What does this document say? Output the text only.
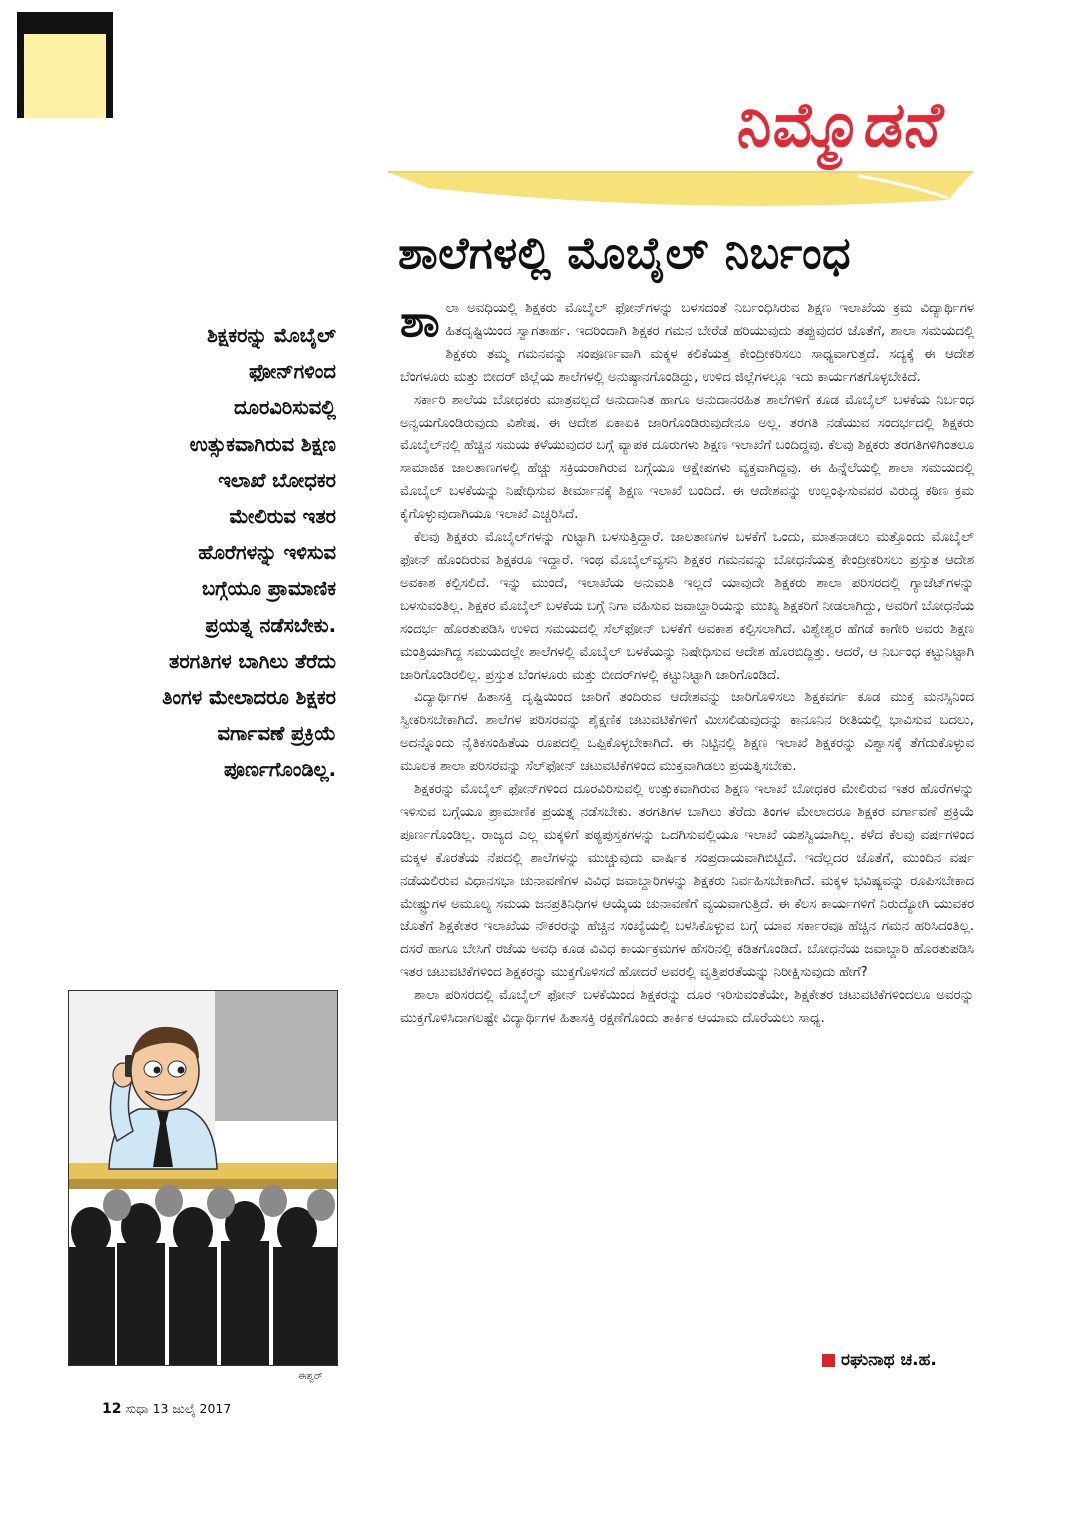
ನಿಮ್ಮೊಡನೆ
ಶಾಲೆಗಳಲ್ಲಿ ಮೊಬೈಲ್ ನಿರ್ಬಂಧ
ಶಿಕ್ಷಕರನ್ನು ಮೊಬೈಲ್
ಫೋನ್‌ಗಳಿಂದ
ದೂರವಿರಿಸುವಲ್ಲಿ
ಉತ್ಸುಕವಾಗಿರುವ ಶಿಕ್ಷಣ
ಇಲಾಖೆ ಬೋಧಕರ
ಮೇಲಿರುವ ಇತರ
ಹೊರೆಗಳನ್ನು ಇಳಿಸುವ
ಬಗ್ಗೆಯೂ ಪ್ರಾಮಾಣಿಕ
ಪ್ರಯತ್ನ ನಡೆಸಬೇಕು.
ತರಗತಿಗಳ ಬಾಗಿಲು ತೆರೆದು
ತಿಂಗಳ ಮೇಲಾದರೂ ಶಿಕ್ಷಕರ
ವರ್ಗಾವಣೆ ಪ್ರಕ್ರಿಯೆ
ಪೂರ್ಣಗೊಂಡಿಲ್ಲ.

ಶಾಲಾ ಅವಧಿಯಲ್ಲಿ ಶಿಕ್ಷಕರು ಮೊಬೈಲ್ ಫೋನ್‌ಗಳನ್ನು ಬಳಸದಂತೆ ನಿರ್ಬಂಧಿಸಿರುವ ಶಿಕ್ಷಣ ಇಲಾಖೆಯ ಕ್ರಮ ವಿದ್ಯಾರ್ಥಿಗಳ ಹಿತದೃಷ್ಟಿಯಿಂದ ಸ್ವಾಗತಾರ್ಹ. ಇದರಿಂದಾಗಿ ಶಿಕ್ಷಕರ ಗಮನ ಬೇರೆಡೆ ಹರಿಯುವುದು ತಪ್ಪುವುದರ ಜೊತೆಗೆ, ಶಾಲಾ ಸಮಯದಲ್ಲಿ ಶಿಕ್ಷಕರು ತಮ್ಮ ಗಮನವನ್ನು ಸಂಪೂರ್ಣವಾಗಿ ಮಕ್ಕಳ ಕಲಿಕೆಯತ್ತ ಕೇಂದ್ರೀಕರಿಸಲು ಸಾಧ್ಯವಾಗುತ್ತದೆ. ಸದ್ಯಕ್ಕೆ ಈ ಆದೇಶ ಬೆಂಗಳೂರು ಮತ್ತು ಬೀದರ್ ಜಿಲ್ಲೆಯ ಶಾಲೆಗಳಲ್ಲಿ ಅನುಷ್ಠಾನಗೊಂಡಿದ್ದು, ಉಳಿದ ಜಿಲ್ಲೆಗಳಲ್ಲೂ ಇದು ಕಾರ್ಯಗತಗೊಳ್ಳಬೇಕಿದೆ.

ಸರ್ಕಾರಿ ಶಾಲೆಯ ಬೋಧಕರು ಮಾತ್ರವಲ್ಲದೆ ಅನುದಾನಿತ ಹಾಗೂ ಅನುದಾನರಹಿತ ಶಾಲೆಗಳಿಗೆ ಕೂಡ ಮೊಬೈಲ್ ಬಳಕೆಯ ನಿರ್ಬಂಧ ಅನ್ವಯಗೊಂಡಿರುವುದು ವಿಶೇಷ. ಈ ಆದೇಶ ಏಕಾಏಕಿ ಜಾರಿಗೊಂಡಿರುವುದೇನೂ ಅಲ್ಲ. ತರಗತಿ ನಡೆಯುವ ಸಂದರ್ಭದಲ್ಲಿ ಶಿಕ್ಷಕರು ಮೊಬೈಲ್‌ನಲ್ಲಿ ಹೆಚ್ಚಿನ ಸಮಯ ಕಳೆಯುವುದರ ಬಗ್ಗೆ ವ್ಯಾಪಕ ದೂರುಗಳು ಶಿಕ್ಷಣ ಇಲಾಖೆಗೆ ಬಂದಿದ್ದವು. ಕೆಲವು ಶಿಕ್ಷಕರು ತರಗತಿಗಳಿಗಿಂತಲೂ ಸಾಮಾಜಿಕ ಜಾಲತಾಣಗಳಲ್ಲಿ ಹೆಚ್ಚು ಸಕ್ರಿಯರಾಗಿರುವ ಬಗ್ಗೆಯೂ ಆಕ್ಷೇಪಗಳು ವ್ಯಕ್ತವಾಗಿದ್ದವು. ಈ ಹಿನ್ನೆಲೆಯಲ್ಲಿ ಶಾಲಾ ಸಮಯದಲ್ಲಿ ಮೊಬೈಲ್ ಬಳಕೆಯನ್ನು ನಿಷೇಧಿಸುವ ತೀರ್ಮಾನಕ್ಕೆ ಶಿಕ್ಷಣ ಇಲಾಖೆ ಬಂದಿದೆ. ಈ ಆದೇಶವನ್ನು ಉಲ್ಲಂಘಿಸುವವರ ವಿರುದ್ಧ ಕಠಿಣ ಕ್ರಮ ಕೈಗೊಳ್ಳುವುದಾಗಿಯೂ ಇಲಾಖೆ ಎಚ್ಚರಿಸಿದೆ.

ಕೆಲವು ಶಿಕ್ಷಕರು ಮೊಬೈಲ್‌ಗಳನ್ನು ಗುಟ್ಟಾಗಿ ಬಳಸುತ್ತಿದ್ದಾರೆ. ಜಾಲತಾಣಗಳ ಬಳಕೆಗೆ ಒಂದು, ಮಾತನಾಡಲು ಮತ್ತೊಂದು ಮೊಬೈಲ್ ಫೋನ್ ಹೊಂದಿರುವ ಶಿಕ್ಷಕರೂ ಇದ್ದಾರೆ. ಇಂಥ ಮೊಬೈಲ್‌ವ್ಯಸನಿ ಶಿಕ್ಷಕರ ಗಮನವನ್ನು ಬೋಧನೆಯತ್ತ ಕೇಂದ್ರೀಕರಿಸಲು ಪ್ರಸ್ತುತ ಆದೇಶ ಅವಕಾಶ ಕಲ್ಪಿಸಲಿದೆ. ಇನ್ನು ಮುಂದೆ, ಇಲಾಖೆಯ ಅನುಮತಿ ಇಲ್ಲದೆ ಯಾವುದೇ ಶಿಕ್ಷಕರು ಶಾಲಾ ಪರಿಸರದಲ್ಲಿ ಗ್ಯಾಜೆಟ್‌ಗಳನ್ನು ಬಳಸುವಂತಿಲ್ಲ. ಶಿಕ್ಷಕರ ಮೊಬೈಲ್ ಬಳಕೆಯ ಬಗ್ಗೆ ನಿಗಾ ವಹಿಸುವ ಜವಾಬ್ದಾರಿಯನ್ನು ಮುಖ್ಯ ಶಿಕ್ಷಕರಿಗೆ ನೀಡಲಾಗಿದ್ದು, ಅವರಿಗೆ ಬೋಧನೆಯ ಸಂದರ್ಭ ಹೊರತುಪಡಿಸಿ ಉಳಿದ ಸಮಯದಲ್ಲಿ ಸೆಲ್‌ಫೋನ್ ಬಳಕೆಗೆ ಅವಕಾಶ ಕಲ್ಪಿಸಲಾಗಿದೆ. ವಿಶ್ವೇಶ್ವರ ಹೆಗಡೆ ಕಾಗೇರಿ ಅವರು ಶಿಕ್ಷಣ ಮಂತ್ರಿಯಾಗಿದ್ದ ಸಮಯದಲ್ಲೇ ಶಾಲೆಗಳಲ್ಲಿ ಮೊಬೈಲ್ ಬಳಕೆಯನ್ನು ನಿಷೇಧಿಸುವ ಆದೇಶ ಹೊರಬಿದ್ದಿತ್ತು. ಆದರೆ, ಆ ನಿರ್ಬಂಧ ಕಟ್ಟುನಿಟ್ಟಾಗಿ ಜಾರಿಗೊಂಡಿರಲಿಲ್ಲ. ಪ್ರಸ್ತುತ ಬೆಂಗಳೂರು ಮತ್ತು ಬೀದರ್‌ಗಳಲ್ಲಿ ಕಟ್ಟುನಿಟ್ಟಾಗಿ ಜಾರಿಗೊಂಡಿದೆ.

ವಿದ್ಯಾರ್ಥಿಗಳ ಹಿತಾಸಕ್ತಿ ದೃಷ್ಟಿಯಿಂದ ಜಾರಿಗೆ ತಂದಿರುವ ಆದೇಶವನ್ನು ಜಾರಿಗೊಳಿಸಲು ಶಿಕ್ಷಕವರ್ಗ ಕೂಡ ಮುಕ್ತ ಮನಸ್ಸಿನಿಂದ ಸ್ವೀಕರಿಸಬೇಕಾಗಿದೆ. ಶಾಲೆಗಳ ಪರಿಸರವನ್ನು ಶೈಕ್ಷಣಿಕ ಚಟುವಟಿಕೆಗಳಿಗೆ ಮೀಸಲಿಡುವುದನ್ನು ಕಾನೂನಿನ ರೀತಿಯಲ್ಲಿ ಭಾವಿಸುವ ಬದಲು, ಅದನ್ನೊಂದು ನೈತಿಕಸಂಹಿತೆಯ ರೂಪದಲ್ಲಿ ಒಪ್ಪಿಕೊಳ್ಳಬೇಕಾಗಿದೆ. ಈ ನಿಟ್ಟಿನಲ್ಲಿ ಶಿಕ್ಷಣ ಇಲಾಖೆ ಶಿಕ್ಷಕರನ್ನು ವಿಶ್ವಾಸಕ್ಕೆ ತೆಗೆದುಕೊಳ್ಳುವ ಮೂಲಕ ಶಾಲಾ ಪರಿಸರವನ್ನು ಸೆಲ್‌ಫೋನ್ ಚಟುವಟಿಕೆಗಳಿಂದ ಮುಕ್ತವಾಗಿಡಲು ಪ್ರಯತ್ನಿಸಬೇಕು.

ಶಿಕ್ಷಕರನ್ನು ಮೊಬೈಲ್ ಫೋನ್‌ಗಳಿಂದ ದೂರವಿರಿಸುವಲ್ಲಿ ಉತ್ಸುಕವಾಗಿರುವ ಶಿಕ್ಷಣ ಇಲಾಖೆ ಬೋಧಕರ ಮೇಲಿರುವ ಇತರ ಹೊರೆಗಳನ್ನು ಇಳಿಸುವ ಬಗ್ಗೆಯೂ ಪ್ರಾಮಾಣಿಕ ಪ್ರಯತ್ನ ನಡೆಸಬೇಕು. ತರಗತಿಗಳ ಬಾಗಿಲು ತೆರೆದು ತಿಂಗಳ ಮೇಲಾದರೂ ಶಿಕ್ಷಕರ ವರ್ಗಾವಣೆ ಪ್ರಕ್ರಿಯೆ ಪೂರ್ಣಗೊಂಡಿಲ್ಲ. ರಾಜ್ಯದ ಎಲ್ಲ ಮಕ್ಕಳಿಗೆ ಪಠ್ಯಪುಸ್ತಕಗಳನ್ನು ಒದಗಿಸುವಲ್ಲಿಯೂ ಇಲಾಖೆ ಯಶಸ್ವಿಯಾಗಿಲ್ಲ. ಕಳೆದ ಕೆಲವು ವರ್ಷಗಳಿಂದ ಮಕ್ಕಳ ಕೊರತೆಯ ನೆಪದಲ್ಲಿ ಶಾಲೆಗಳನ್ನು ಮುಚ್ಚುವುದು ವಾರ್ಷಿಕ ಸಂಪ್ರದಾಯವಾಗಿಬಿಟ್ಟಿದೆ. ಇದೆಲ್ಲದರ ಜೊತೆಗೆ, ಮುಂದಿನ ವರ್ಷ ನಡೆಯಲಿರುವ ವಿಧಾನಸಭಾ ಚುನಾವಣೆಗಳ ವಿವಿಧ ಜವಾಬ್ದಾರಿಗಳನ್ನು ಶಿಕ್ಷಕರು ನಿರ್ವಹಿಸಬೇಕಾಗಿದೆ. ಮಕ್ಕಳ ಭವಿಷ್ಯವನ್ನು ರೂಪಿಸಬೇಕಾದ ಮೇಷ್ಟ್ರುಗಳ ಅಮೂಲ್ಯ ಸಮಯ ಜನಪ್ರತಿನಿಧಿಗಳ ಆಯ್ಕೆಯ ಚುನಾವಣೆಗೆ ವ್ಯಯವಾಗುತ್ತಿದೆ. ಈ ಕೆಲಸ ಕಾರ್ಯಗಳಿಗೆ ನಿರುದ್ಯೋಗಿ ಯುವಕರ ಜೊತೆಗೆ ಶಿಕ್ಷಕೇತರ ಇಲಾಖೆಯ ನೌಕರರನ್ನು ಹೆಚ್ಚಿನ ಸಂಖ್ಯೆಯಲ್ಲಿ ಬಳಸಿಕೊಳ್ಳುವ ಬಗ್ಗೆ ಯಾವ ಸರ್ಕಾರವೂ ಹೆಚ್ಚಿನ ಗಮನ ಹರಿಸಿದಂತಿಲ್ಲ. ದಸರೆ ಹಾಗೂ ಬೇಸಿಗೆ ರಜೆಯ ಅವಧಿ ಕೂಡ ವಿವಿಧ ಕಾರ್ಯಕ್ರಮಗಳ ಹೆಸರಿನಲ್ಲಿ ಕಡಿತಗೊಂಡಿದೆ. ಬೋಧನೆಯ ಜವಾಬ್ದಾರಿ ಹೊರತುಪಡಿಸಿ ಇತರ ಚಟುವಟಿಕೆಗಳಿಂದ ಶಿಕ್ಷಕರನ್ನು ಮುಕ್ತಗೊಳಿಸದೆ ಹೋದರೆ ಅವರಲ್ಲಿ ವೃತ್ತಿಪರತೆಯನ್ನು ನಿರೀಕ್ಷಿಸುವುದು ಹೇಗೆ?

ಶಾಲಾ ಪರಿಸರದಲ್ಲಿ ಮೊಬೈಲ್ ಫೋನ್ ಬಳಕೆಯಿಂದ ಶಿಕ್ಷಕರನ್ನು ದೂರ ಇರಿಸುವಂತೆಯೇ, ಶಿಕ್ಷಕೇತರ ಚಟುವಟಿಕೆಗಳಿಂದಲೂ ಅವರನ್ನು ಮುಕ್ತಗೊಳಿಸಿದಾಗಲಷ್ಟೇ ವಿದ್ಯಾರ್ಥಿಗಳ ಹಿತಾಸಕ್ತಿ ರಕ್ಷಣೆಗೊಂದು ತಾರ್ಕಿಕ ಆಯಾಮ ದೊರೆಯಲು ಸಾಧ್ಯ.

ರಘುನಾಥ ಚ.ಹ.
ಈಶ್ವರ್
12 ಸುಧಾ 13 ಜುಲೈ 2017
